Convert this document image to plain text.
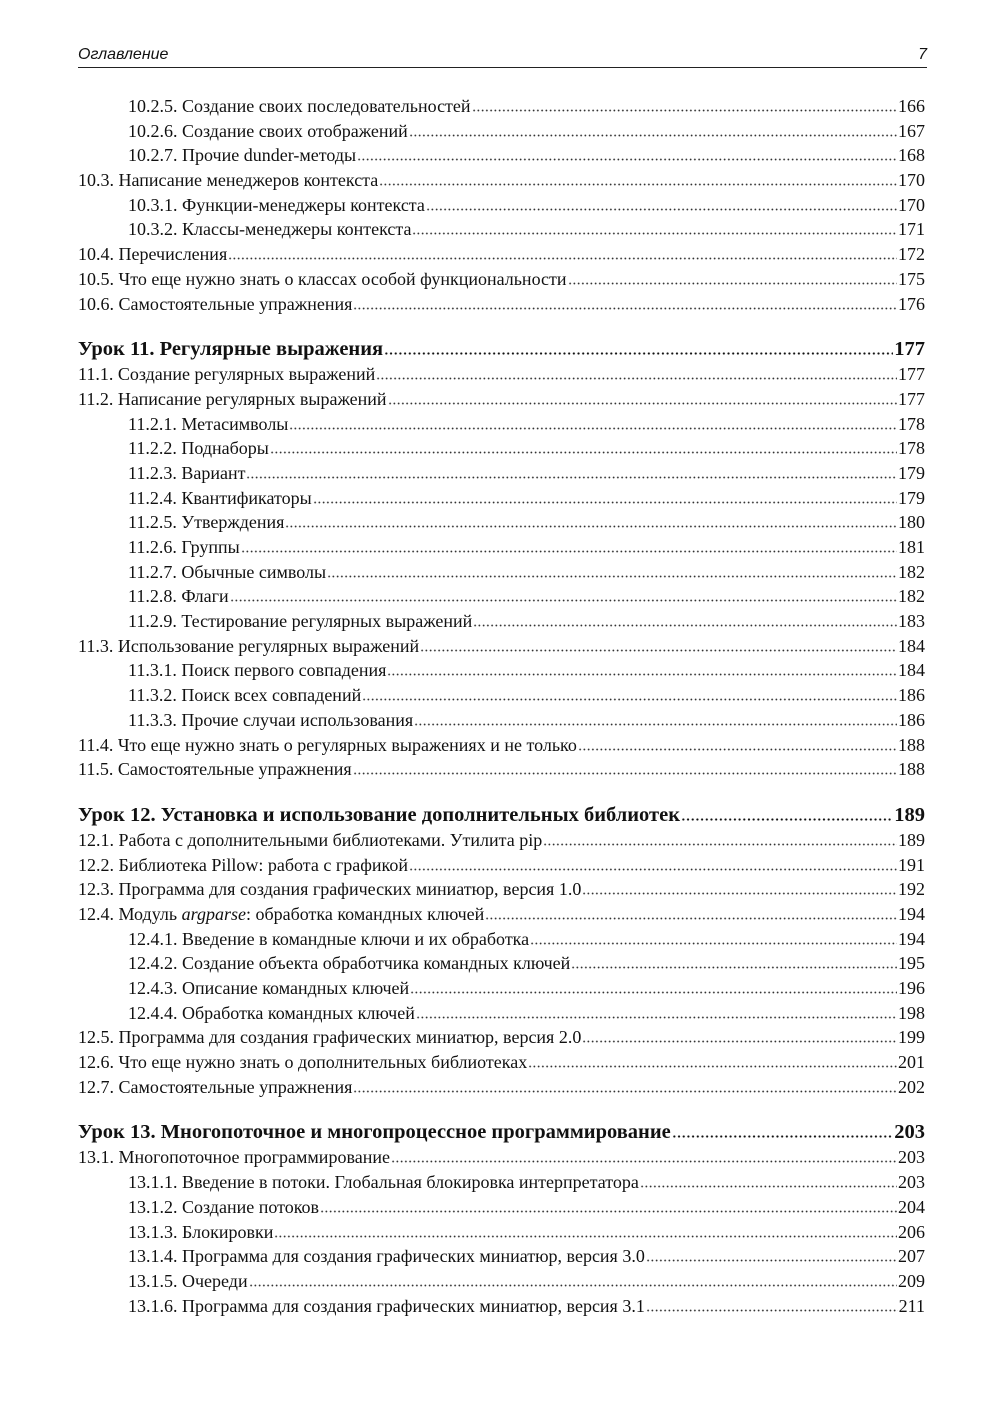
Оглавление	7
10.2.5. Создание своих последовательностей	166
10.2.6. Создание своих отображений	167
10.2.7. Прочие dunder-методы	168
10.3. Написание менеджеров контекста	170
10.3.1. Функции-менеджеры контекста	170
10.3.2. Классы-менеджеры контекста	171
10.4. Перечисления	172
10.5. Что еще нужно знать о классах особой функциональности	175
10.6. Самостоятельные упражнения	176
Урок 11. Регулярные выражения	177
11.1. Создание регулярных выражений	177
11.2. Написание регулярных выражений	177
11.2.1. Метасимволы	178
11.2.2. Поднаборы	178
11.2.3. Вариант	179
11.2.4. Квантификаторы	179
11.2.5. Утверждения	180
11.2.6. Группы	181
11.2.7. Обычные символы	182
11.2.8. Флаги	182
11.2.9. Тестирование регулярных выражений	183
11.3. Использование регулярных выражений	184
11.3.1. Поиск первого совпадения	184
11.3.2. Поиск всех совпадений	186
11.3.3. Прочие случаи использования	186
11.4. Что еще нужно знать о регулярных выражениях и не только	188
11.5. Самостоятельные упражнения	188
Урок 12. Установка и использование дополнительных библиотек	189
12.1. Работа с дополнительными библиотеками. Утилита pip	189
12.2. Библиотека Pillow: работа с графикой	191
12.3. Программа для создания графических миниатюр, версия 1.0	192
12.4. Модуль argparse: обработка командных ключей	194
12.4.1. Введение в командные ключи и их обработка	194
12.4.2. Создание объекта обработчика командных ключей	195
12.4.3. Описание командных ключей	196
12.4.4. Обработка командных ключей	198
12.5. Программа для создания графических миниатюр, версия 2.0	199
12.6. Что еще нужно знать о дополнительных библиотеках	201
12.7. Самостоятельные упражнения	202
Урок 13. Многопоточное и многопроцессное программирование	203
13.1. Многопоточное программирование	203
13.1.1. Введение в потоки. Глобальная блокировка интерпретатора	203
13.1.2. Создание потоков	204
13.1.3. Блокировки	206
13.1.4. Программа для создания графических миниатюр, версия 3.0	207
13.1.5. Очереди	209
13.1.6. Программа для создания графических миниатюр, версия 3.1	211
